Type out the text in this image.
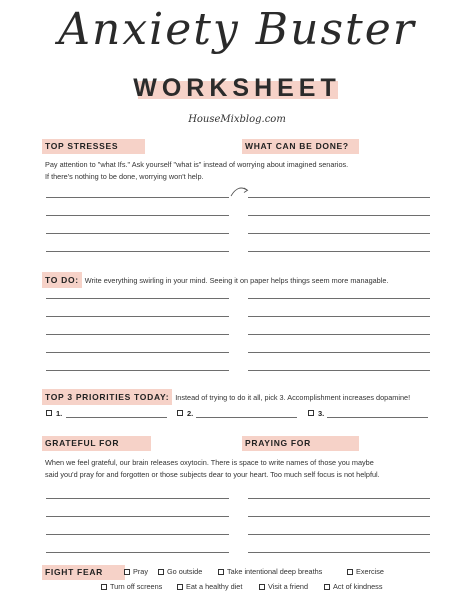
Anxiety Buster
WORKSHEET
HouseMixblog.com
TOP STRESSES	WHAT CAN BE DONE?
Pay attention to "what Ifs." Ask yourself "what is" instead of worrying about imagined senarios.
If there's nothing to be done, worrying won't help.
TO DO: Write everything swirling in your mind. Seeing it on paper helps things seem more managable.
TOP 3 PRIORITIES TODAY: Instead of trying to do it all, pick 3. Accomplishment increases dopamine!
1.	2.	3.
GRATEFUL FOR	PRAYING FOR
When we feel grateful, our brain releases oxytocin. There is space to write names of those you maybe
said you'd pray for and forgotten or those subjects dear to your heart. Too much self focus is not helpful.
FIGHT FEAR	Pray	Go outside	Take intentional deep breaths	Exercise
Turn off screens	Eat a healthy diet	Visit a friend	Act of kindness
